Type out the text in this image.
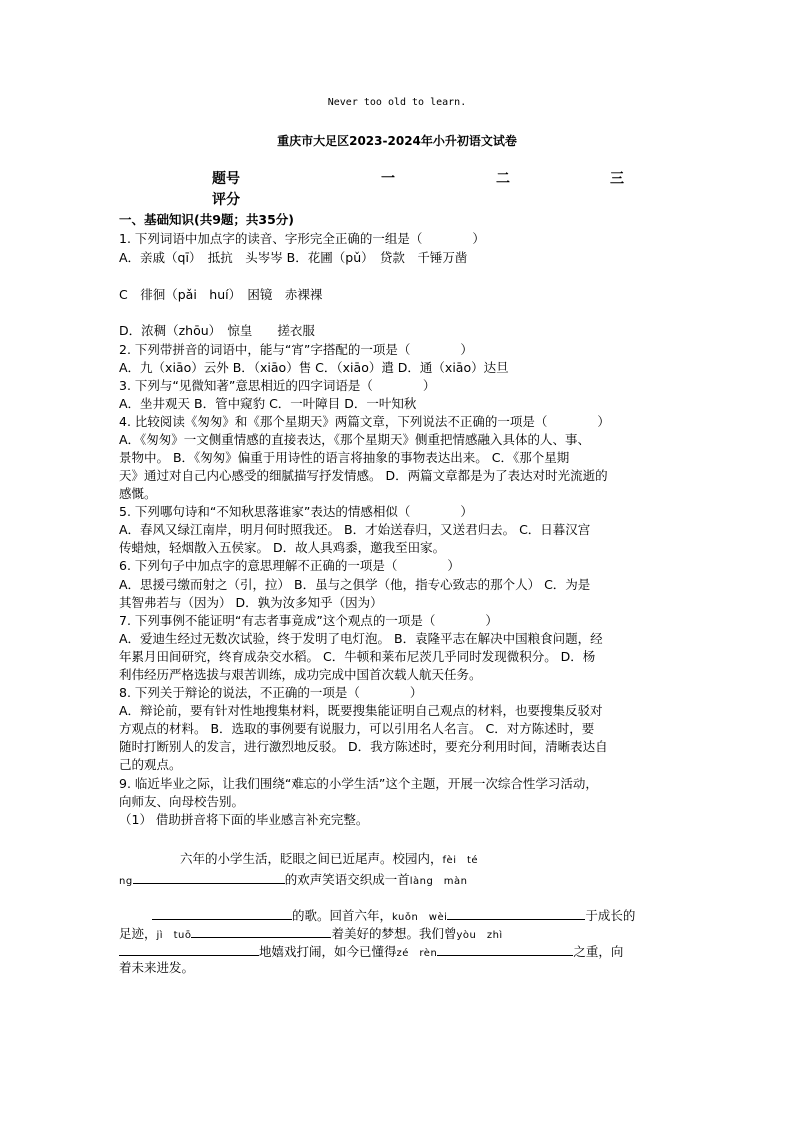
Never too old to learn.
重庆市大足区2023-2024年小升初语文试卷
题号	一	二	三
评分
一、基础知识(共9题；共35分)
1. 下列词语中加点字的读音、字形完全正确的一组是（　　　　）
A．亲戚（qī）　抵抗　头岑岑 B．花圃（pǔ）　贷款　千锤万凿
C　徘徊（pǎi　huí）　困镜　赤裸裸
D．浓稠（zhōu）　惊皇　　搓衣服
2. 下列带拼音的词语中，能与“宵”字搭配的一项是（　　　　）
A．九（xiāo）云外 B．（xiāo）售 C．（xiāo）遣 D．通（xiāo）达旦
3. 下列与“见微知著”意思相近的四字词语是（　　　　）
A．坐井观天 B．管中窥豹 C．一叶障目 D．一叶知秋
4. 比较阅读《匆匆》和《那个星期天》两篇文章，下列说法不正确的一项是（　　　　）
A．《匆匆》一文侧重情感的直接表达，《那个星期天》侧重把情感融入具体的人、事、
景物中。 B．《匆匆》偏重于用诗性的语言将抽象的事物表达出来。 C．《那个星期
天》通过对自己内心感受的细腻描写抒发情感。 D．两篇文章都是为了表达对时光流逝的
感慨。
5. 下列哪句诗和“不知秋思落谁家”表达的情感相似（　　　　）
A．春风又绿江南岸，明月何时照我还。 B．才始送春归，又送君归去。 C．日暮汉宫
传蜡烛，轻烟散入五侯家。 D．故人具鸡黍，邀我至田家。
6. 下列句子中加点字的意思理解不正确的一项是（　　　　）
A．思援弓缴而射之（引，拉） B．虽与之俱学（他，指专心致志的那个人） C．为是
其智弗若与（因为） D．孰为汝多知乎（因为）
7. 下列事例不能证明“有志者事竟成”这个观点的一项是（　　　　）
A．爱迪生经过无数次试验，终于发明了电灯泡。 B．袁隆平志在解决中国粮食问题，经
年累月田间研究，终育成杂交水稻。 C．牛顿和莱布尼茨几乎同时发现微积分。 D．杨
利伟经历严格选拔与艰苦训练，成功完成中国首次载人航天任务。
8. 下列关于辩论的说法，不正确的一项是（　　　　）
A．辩论前，要有针对性地搜集材料，既要搜集能证明自己观点的材料，也要搜集反驳对
方观点的材料。 B．选取的事例要有说服力，可以引用名人名言。 C．对方陈述时，要
随时打断别人的发言，进行激烈地反驳。 D．我方陈述时，要充分利用时间，清晰表达自
己的观点。
9. 临近毕业之际，让我们围绕“难忘的小学生活”这个主题，开展一次综合性学习活动，
向师友、向母校告别。
（1） 借助拼音将下面的毕业感言补充完整。
六年的小学生活，眨眼之间已近尾声。校园内，fèi　té
ng	的欢声笑语交织成一首làng　màn
的歌。回首六年，kuǒn　wèi	于成长的
足迹，jì　tuō	着美好的梦想。我们曾yòu　zhì
地嬉戏打闹，如今已懂得zé　rèn	之重，向
着未来进发。
